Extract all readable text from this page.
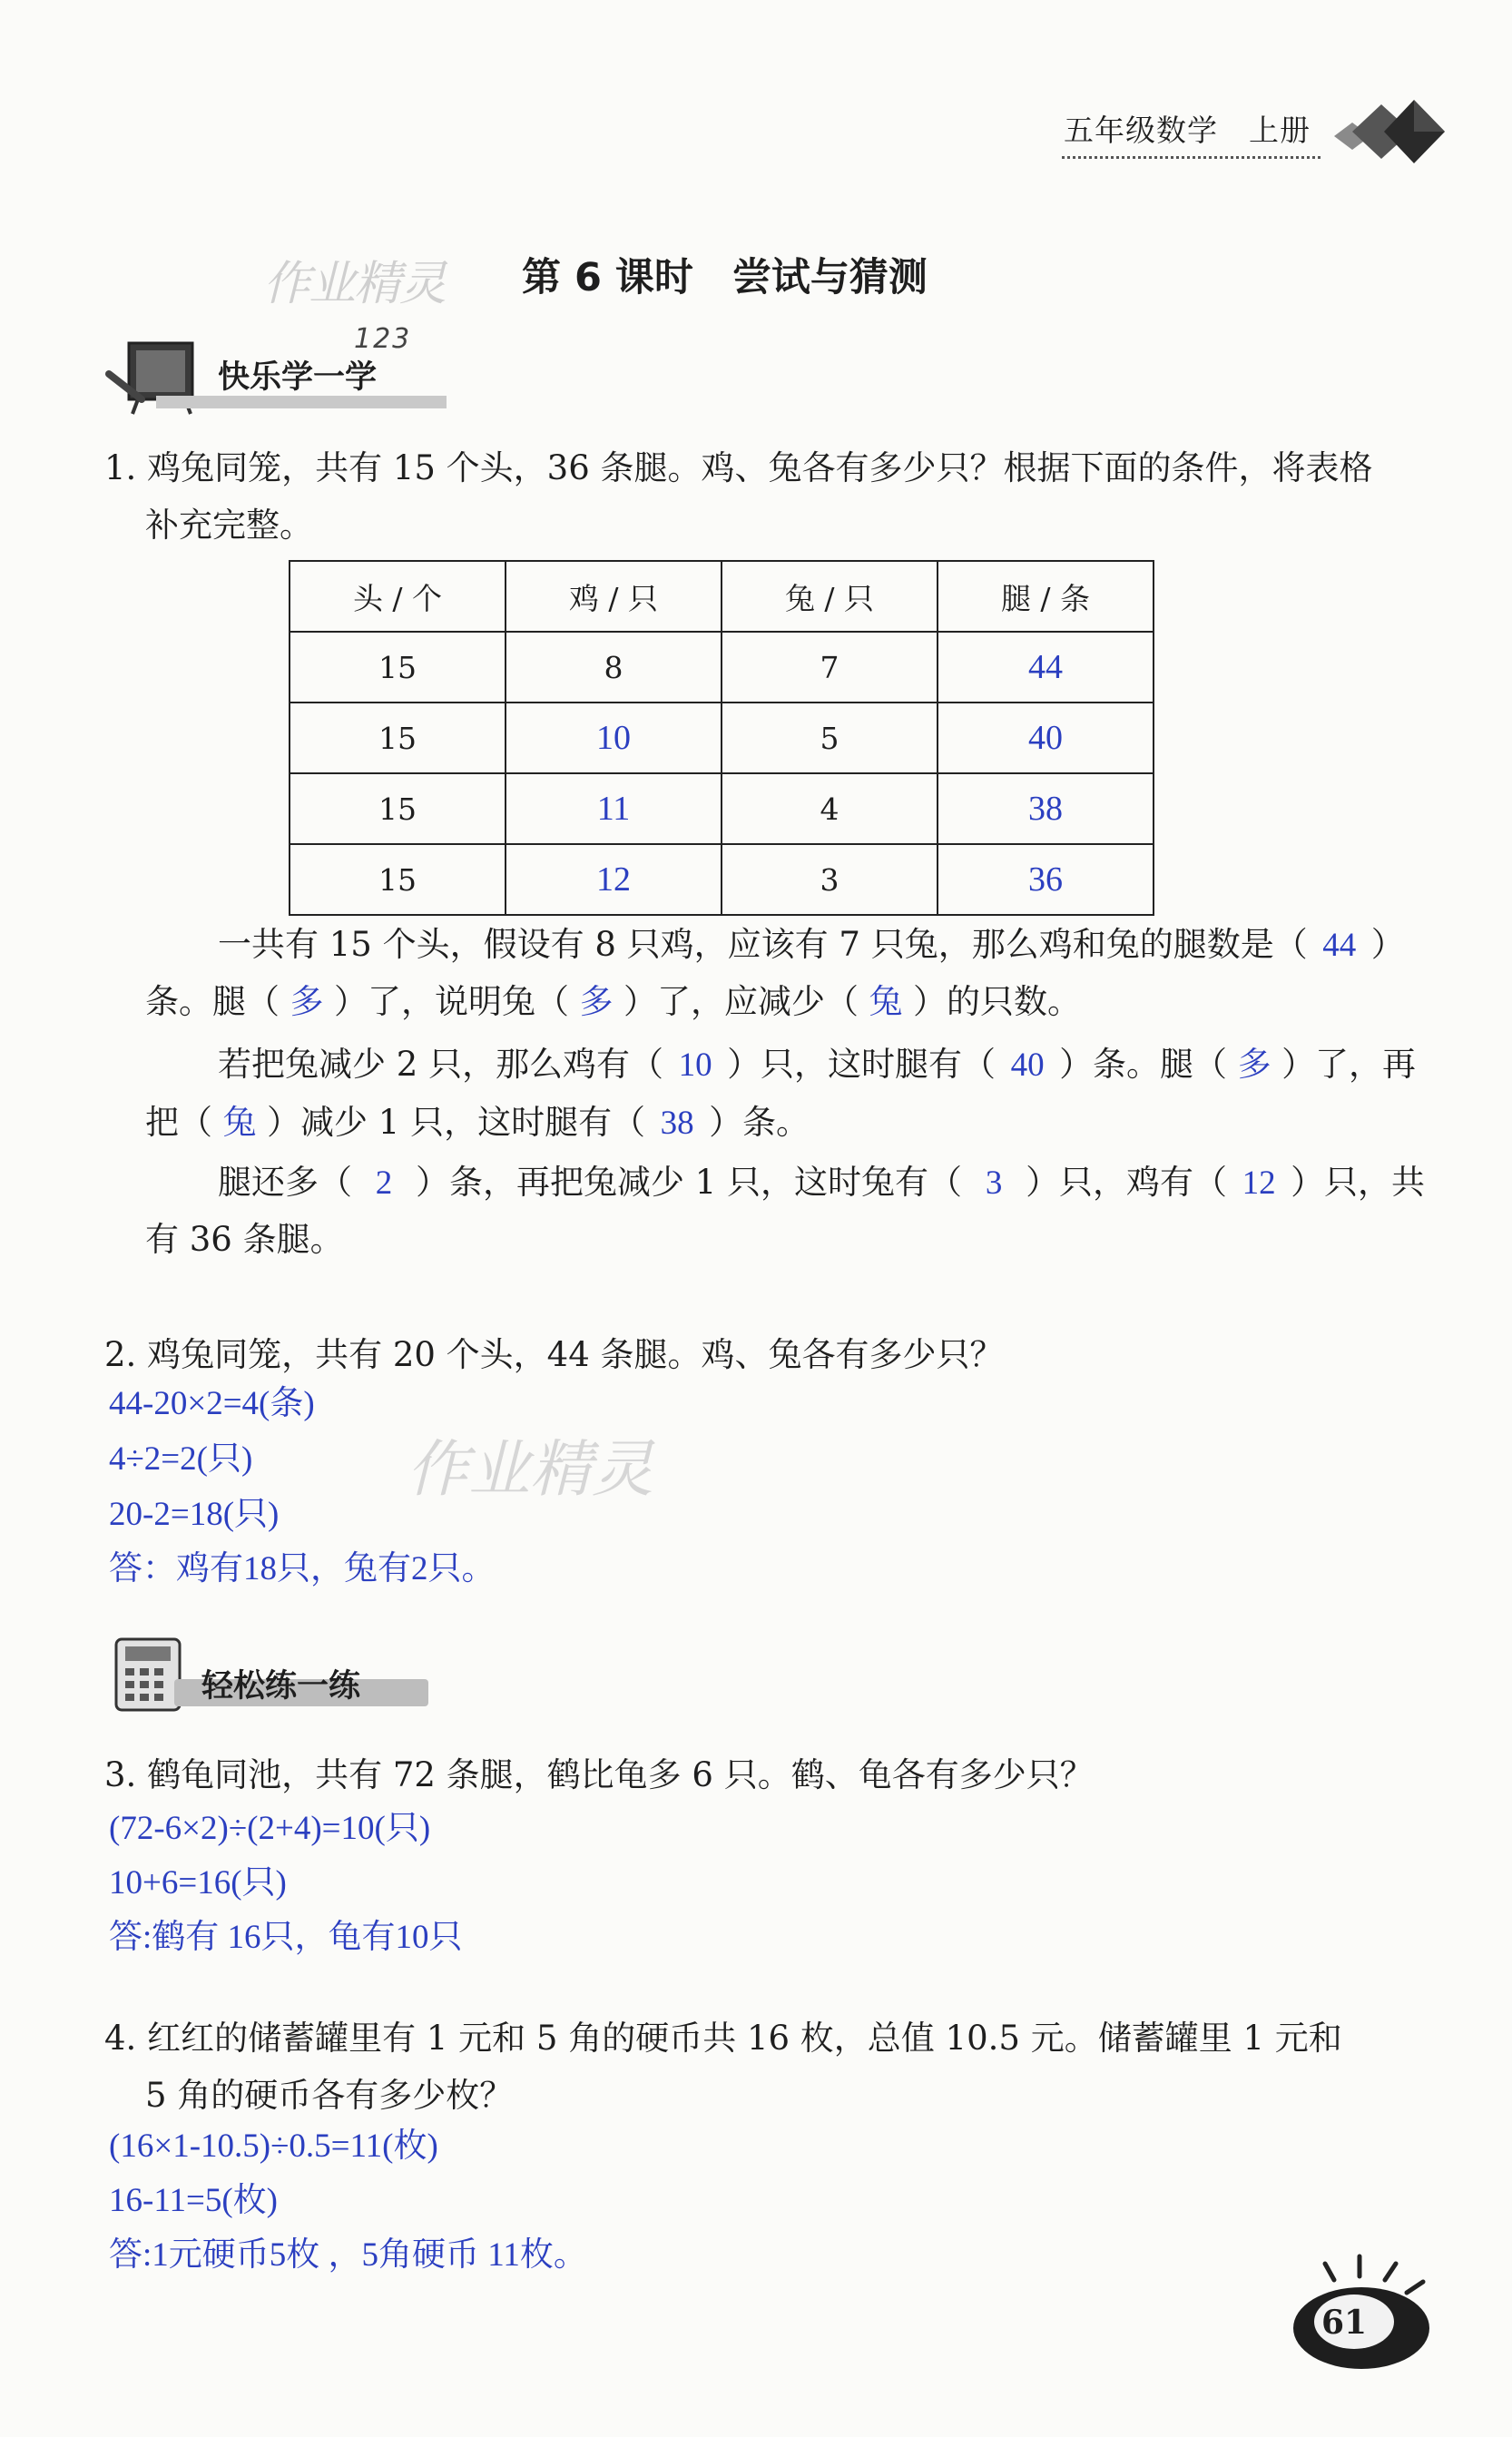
五年级数学　上册
作业精灵 第 6 课时　尝试与猜测
快乐学一学
123
1. 鸡兔同笼，共有 15 个头，36 条腿。鸡、兔各有多少只？根据下面的条件，将表格
补充完整。
头 / 个	鸡 / 只	兔 / 只	腿 / 条
15	8	7	44
15	10	5	40
15	11	4	38
15	12	3	36
一共有 15 个头，假设有 8 只鸡，应该有 7 只兔，那么鸡和兔的腿数是（ 44 ）
条。腿（ 多 ）了，说明兔（ 多 ）了，应减少（ 兔 ）的只数。
若把兔减少 2 只，那么鸡有（ 10 ）只，这时腿有（ 40 ）条。腿（ 多 ）了，再
把（ 兔 ）减少 1 只，这时腿有（ 38 ）条。
腿还多（ 2 ）条，再把兔减少 1 只，这时兔有（ 3 ）只，鸡有（ 12 ）只，共
有 36 条腿。
2. 鸡兔同笼，共有 20 个头，44 条腿。鸡、兔各有多少只？
44-20×2=4(条)
4÷2=2(只)
20-2=18(只)
答：鸡有18只，兔有2只。
作业精灵
轻松练一练
3. 鹤龟同池，共有 72 条腿，鹤比龟多 6 只。鹤、龟各有多少只？
(72-6×2)÷(2+4)=10(只)
10+6=16(只)
答:鹤有 16只，龟有10只
4. 红红的储蓄罐里有 1 元和 5 角的硬币共 16 枚，总值 10.5 元。储蓄罐里 1 元和
5 角的硬币各有多少枚？
(16×1-10.5)÷0.5=11(枚)
16-11=5(枚)
答:1元硬币5枚 ，5角硬币 11枚。
61
